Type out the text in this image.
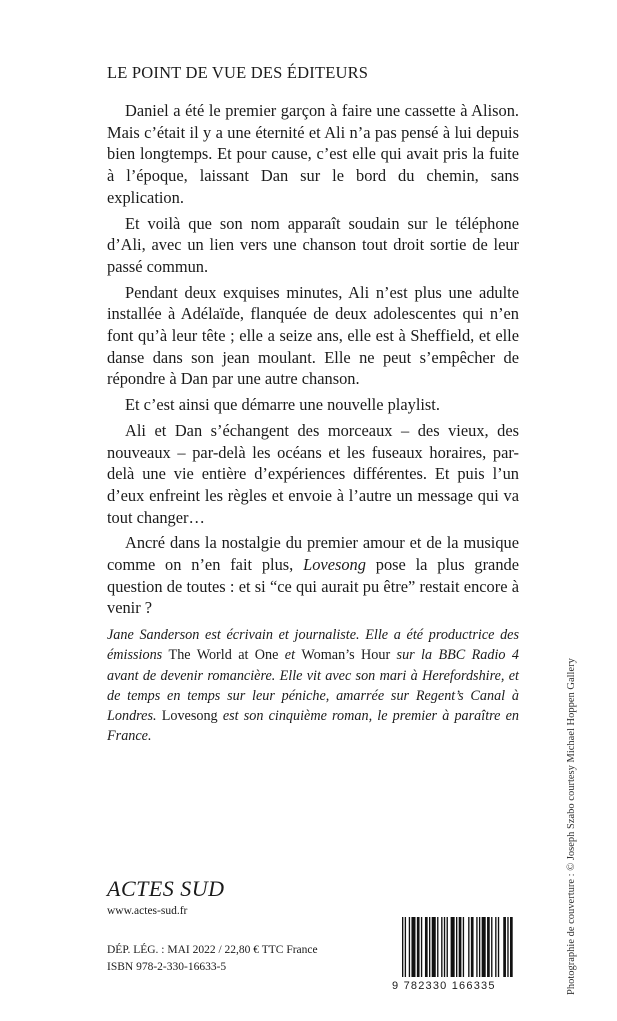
LE POINT DE VUE DES ÉDITEURS

Daniel a été le premier garçon à faire une cassette à Alison. Mais c’était il y a une éternité et Ali n’a pas pensé à lui depuis bien longtemps. Et pour cause, c’est elle qui avait pris la fuite à l’époque, laissant Dan sur le bord du chemin, sans explication.

Et voilà que son nom apparaît soudain sur le téléphone d’Ali, avec un lien vers une chanson tout droit sortie de leur passé commun.

Pendant deux exquises minutes, Ali n’est plus une adulte installée à Adélaïde, flanquée de deux adolescentes qui n’en font qu’à leur tête ; elle a seize ans, elle est à Sheffield, et elle danse dans son jean moulant. Elle ne peut s’empêcher de répondre à Dan par une autre chanson.

Et c’est ainsi que démarre une nouvelle playlist.

Ali et Dan s’échangent des morceaux – des vieux, des nouveaux – par-delà les océans et les fuseaux horaires, par-delà une vie entière d’expériences différentes. Et puis l’un d’eux enfreint les règles et envoie à l’autre un message qui va tout changer…

Ancré dans la nostalgie du premier amour et de la musique comme on n’en fait plus, Lovesong pose la plus grande question de toutes : et si “ce qui aurait pu être” restait encore à venir ?

Jane Sanderson est écrivain et journaliste. Elle a été productrice des émissions The World at One et Woman’s Hour sur la BBC Radio 4 avant de devenir romancière. Elle vit avec son mari à Herefordshire, et de temps en temps sur leur péniche, amarrée sur Regent’s Canal à Londres. Lovesong est son cinquième roman, le premier à paraître en France.	Photographie de couverture : © Joseph Szabo courtesy Michael Hoppen Gallery
ACTES SUD
www.actes-sud.fr
DÉP. LÉG. : MAI 2022 / 22,80 € TTC France
ISBN 978-2-330-16633-5
9 782330 166335
